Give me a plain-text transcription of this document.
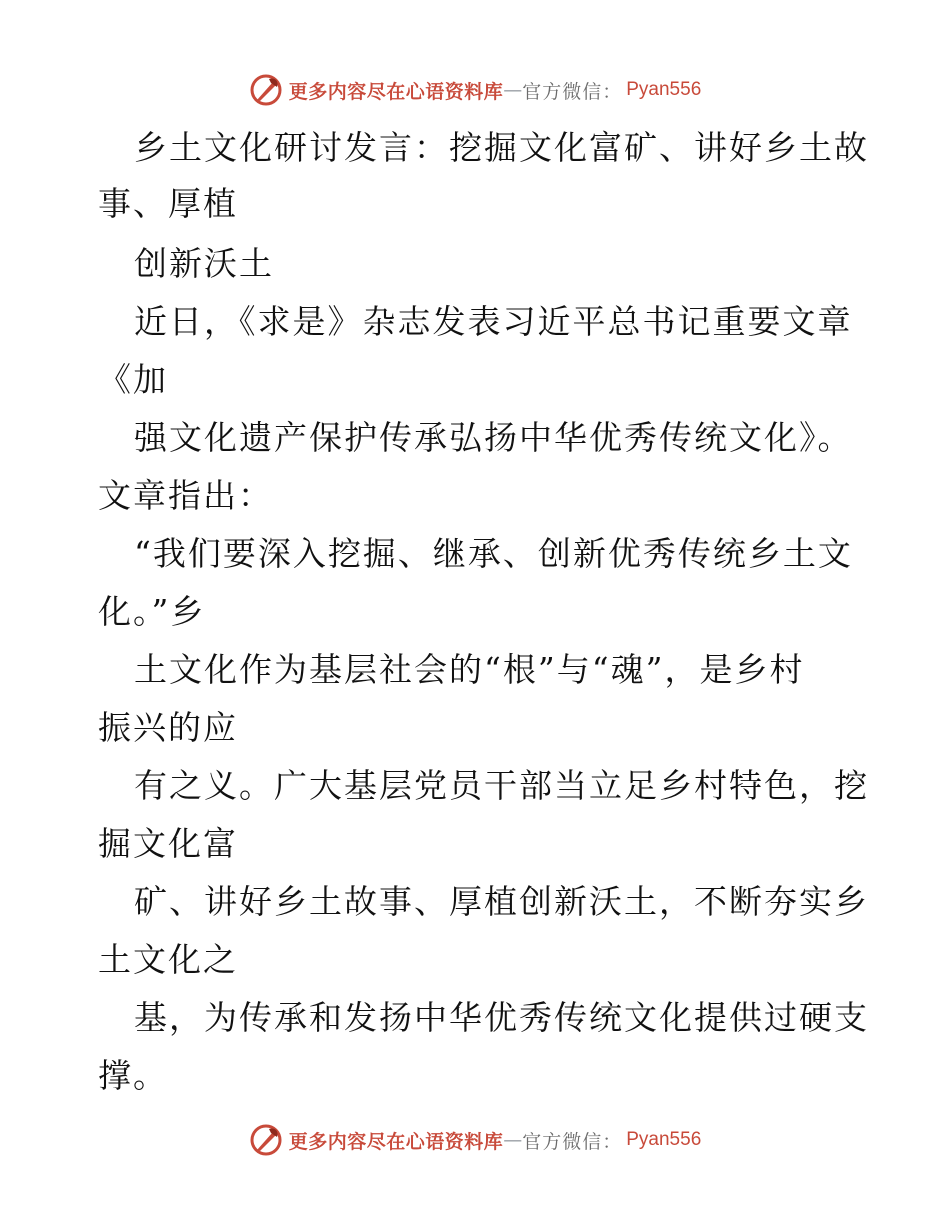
更多内容尽在心语资料库 — 官方微信： Pyan556
乡土文化研讨发言：挖掘文化富矿、讲好乡土故
事、厚植
创新沃土
近日，《求是》杂志发表习近平总书记重要文章
《加
强文化遗产保护传承弘扬中华优秀传统文化》。
文章指出：
“我们要深入挖掘、继承、创新优秀传统乡土文
化。”乡
土文化作为基层社会的“根”与“魂”，是乡村
振兴的应
有之义。广大基层党员干部当立足乡村特色，挖
掘文化富
矿、讲好乡土故事、厚植创新沃土，不断夯实乡
土文化之
基，为传承和发扬中华优秀传统文化提供过硬支
撑。
更多内容尽在心语资料库 — 官方微信： Pyan556
